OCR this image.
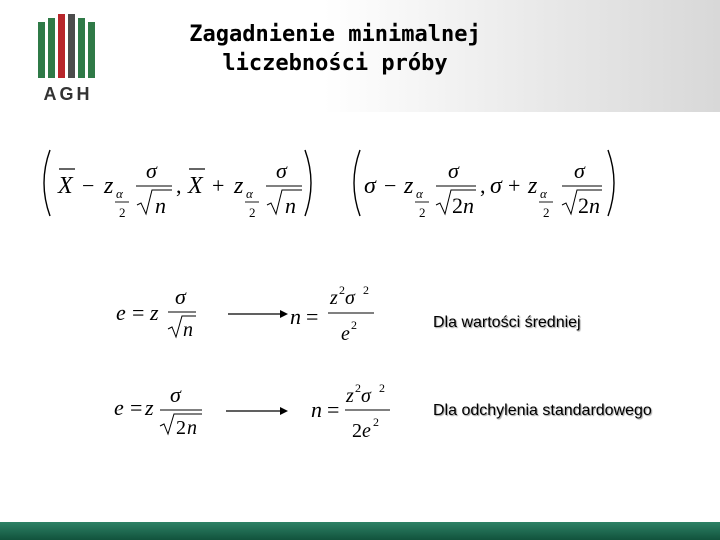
AGH
Zagadnienie minimalnej
liczebności próby
X − z α
2
σ
n
, X + z α
2
σ
n
σ − z α
2
σ
2 n
, σ + z α
2
σ
2 n
e = z
σ
n
n =
z 2 σ 2
e 2
e = z
σ
2 n
n =
z 2 σ 2
2 e 2
Dla wartości średniej
Dla odchylenia standardowego
